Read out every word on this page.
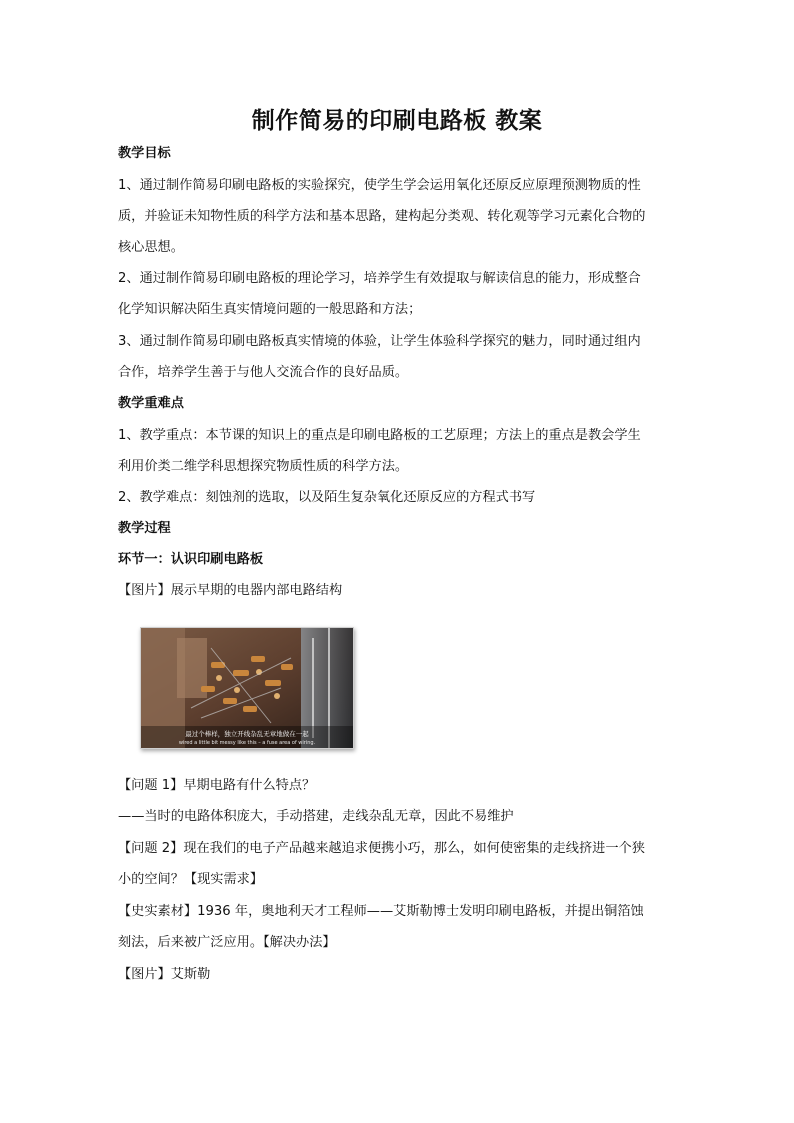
制作简易的印刷电路板 教案
教学目标
1、通过制作简易印刷电路板的实验探究，使学生学会运用氧化还原反应原理预测物质的性
质，并验证未知物性质的科学方法和基本思路，建构起分类观、转化观等学习元素化合物的
核心思想。
2、通过制作简易印刷电路板的理论学习，培养学生有效提取与解读信息的能力，形成整合
化学知识解决陌生真实情境问题的一般思路和方法；
3、通过制作简易印刷电路板真实情境的体验，让学生体验科学探究的魅力，同时通过组内
合作，培养学生善于与他人交流合作的良好品质。
教学重难点
1、教学重点：本节课的知识上的重点是印刷电路板的工艺原理；方法上的重点是教会学生
利用价类二维学科思想探究物质性质的科学方法。
2、教学难点：刻蚀剂的选取，以及陌生复杂氧化还原反应的方程式书写
教学过程
环节一：认识印刷电路板
【图片】展示早期的电器内部电路结构
最过个棒样，独立开线杂乱无章地做在一起
wired a little bit messy like this – a fuse area of wiring.
【问题 1】早期电路有什么特点？
——当时的电路体积庞大，手动搭建，走线杂乱无章，因此不易维护
【问题 2】现在我们的电子产品越来越追求便携小巧，那么，如何使密集的走线挤进一个狭
小的空间？【现实需求】
【史实素材】1936 年，奥地利天才工程师——艾斯勒博士发明印刷电路板，并提出铜箔蚀
刻法，后来被广泛应用。【解决办法】
【图片】艾斯勒
